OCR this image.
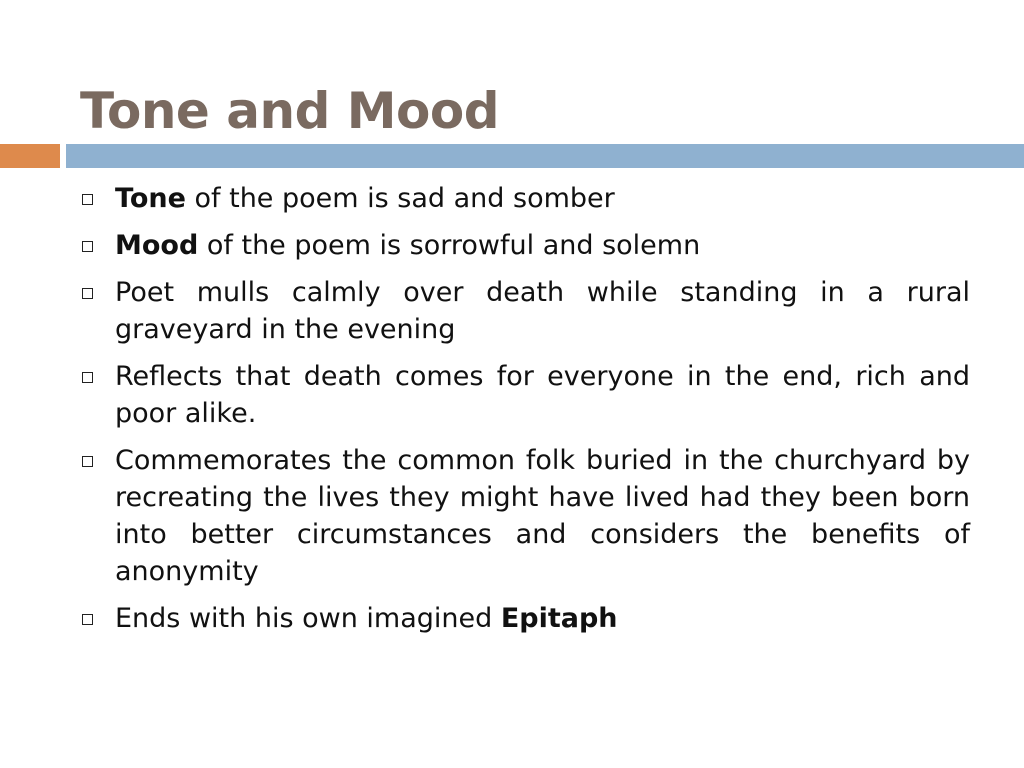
Tone and Mood
Tone of the poem is sad and somber
Mood of the poem is sorrowful and solemn
Poet mulls calmly over death while standing in a rural graveyard in the evening
Reflects that death comes for everyone in the end, rich and poor alike.
Commemorates the common folk buried in the churchyard by recreating the lives they might have lived had they been born into better circumstances and considers the benefits of anonymity
Ends with his own imagined Epitaph
